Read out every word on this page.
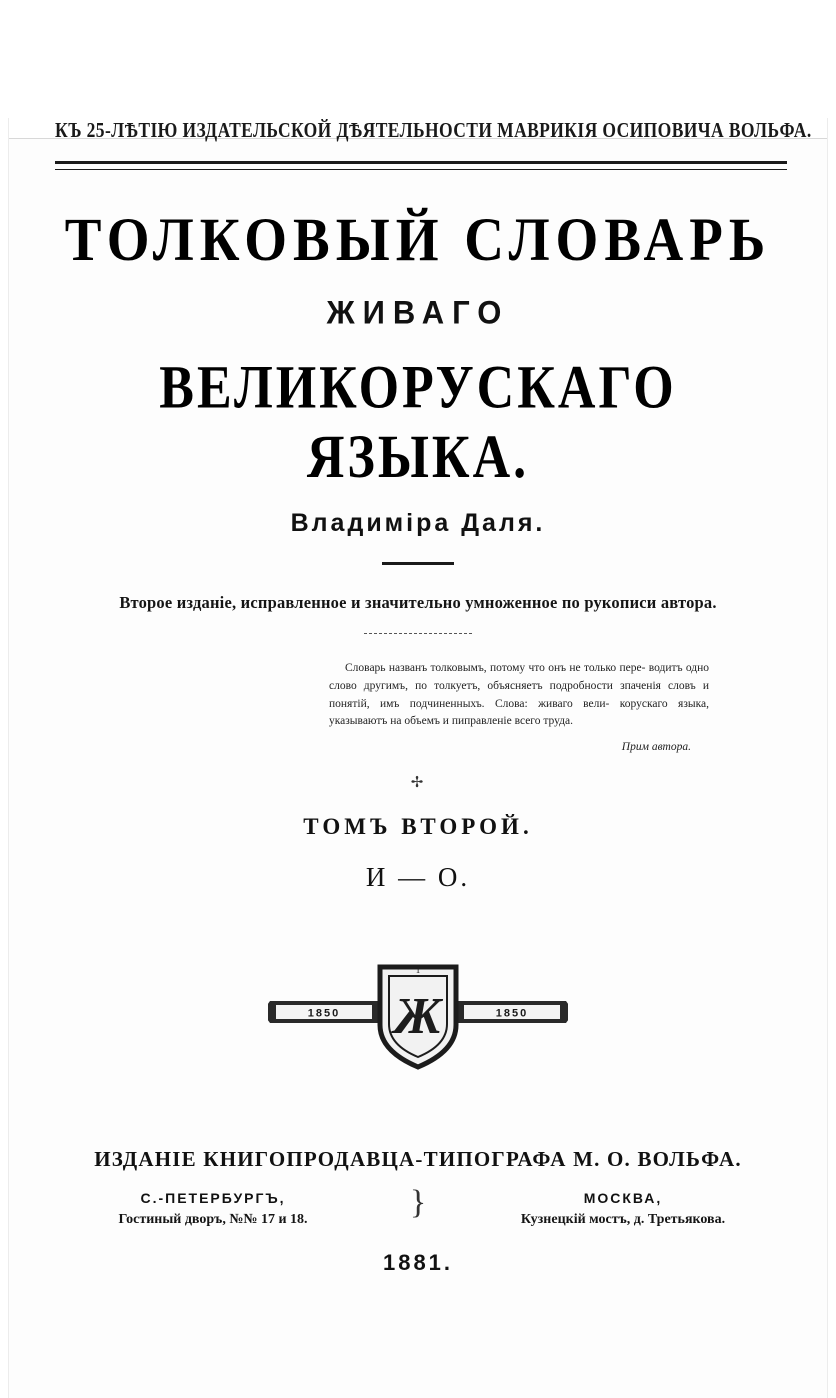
КЪ 25-ЛѢТІЮ ИЗДАТЕЛЬСКОЙ ДѢЯТЕЛЬНОСТИ МАВРИКІЯ ОСИПОВИЧА ВОЛЬФА.
ТОЛКОВЫЙ СЛОВАРЬ
ЖИВАГО
ВЕЛИКОРУСКАГО ЯЗЫКА.
Владиміра Даля.
Второе изданіе, исправленное и значительно умноженное по рукописи автора.
Словарь названъ толковымъ, потому что онъ не только пере- водитъ одно слово другимъ, по толкуетъ, объясняетъ подробности зпаченія словъ и понятій, имъ подчиненныхъ. Слова: живаго вели- корускаго языка, указываютъ на объемъ и пиправленіе всего труда.
Прим автора.
✢
ТОМЪ ВТОРОЙ.
И — О.
1850	1850
1
Ж
ИЗДАНІЕ КНИГОПРОДАВЦА-ТИПОГРАФА М. О. ВОЛЬФА.
С.-ПЕТЕРБУРГЪ,
Гостиный дворъ, №№ 17 и 18.	}	МОСКВА,
Кузнецкій мостъ, д. Третьякова.
1881.
